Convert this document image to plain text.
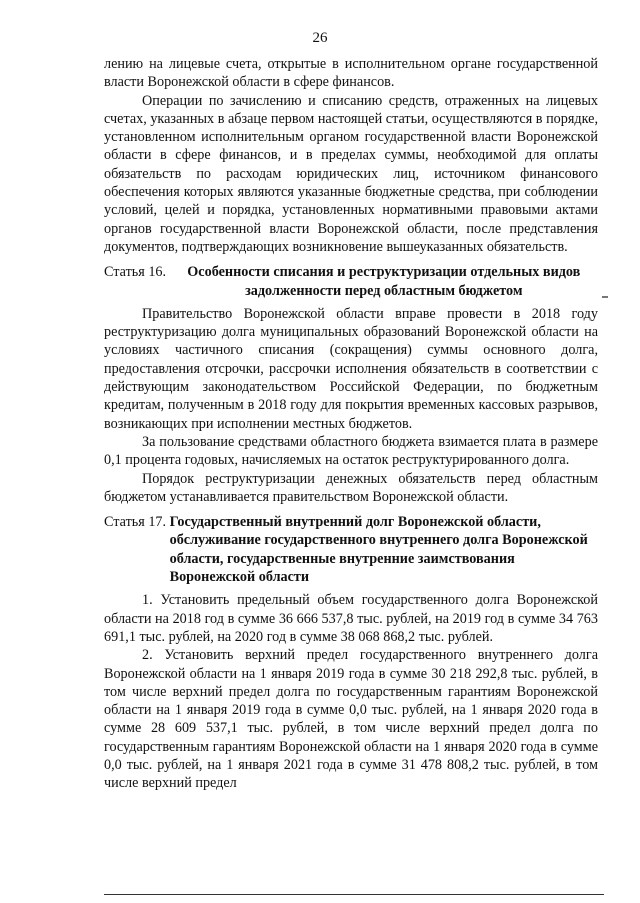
26

лению на лицевые счета, открытые в исполнительном органе государственной власти Воронежской области в сфере финансов.

Операции по зачислению и списанию средств, отраженных на лицевых счетах, указанных в абзаце первом настоящей статьи, осуществляются в порядке, установленном исполнительным органом государственной власти Воронежской области в сфере финансов, и в пределах суммы, необходимой для оплаты обязательств по расходам юридических лиц, источником финансового обеспечения которых являются указанные бюджетные средства, при соблюдении условий, целей и порядка, установленных нормативными правовыми актами органов государственной власти Воронежской области, после представления документов, подтверждающих возникновение вышеуказанных обязательств.

Статья 16.	Особенности списания и реструктуризации отдельных видов задолженности перед областным бюджетом

Правительство Воронежской области вправе провести в 2018 году реструктуризацию долга муниципальных образований Воронежской области на условиях частичного списания (сокращения) суммы основного долга, предоставления отсрочки, рассрочки исполнения обязательств в соответствии с действующим законодательством Российской Федерации, по бюджетным кредитам, полученным в 2018 году для покрытия временных кассовых разрывов, возникающих при исполнении местных бюджетов.

За пользование средствами областного бюджета взимается плата в размере 0,1 процента годовых, начисляемых на остаток реструктурированного долга.

Порядок реструктуризации денежных обязательств перед областным бюджетом устанавливается правительством Воронежской области.

Статья 17. Государственный внутренний долг Воронежской области, обслуживание государственного внутреннего долга Воронежской области, государственные внутренние заимствования Воронежской области

1. Установить предельный объем государственного долга Воронежской области на 2018 год в сумме 36 666 537,8 тыс. рублей, на 2019 год в сумме 34 763 691,1 тыс. рублей, на 2020 год в сумме 38 068 868,2 тыс. рублей.

2. Установить верхний предел государственного внутреннего долга Воронежской области на 1 января 2019 года в сумме 30 218 292,8 тыс. рублей, в том числе верхний предел долга по государственным гарантиям Воронежской области на 1 января 2019 года в сумме 0,0 тыс. рублей, на 1 января 2020 года в сумме 28 609 537,1 тыс. рублей, в том числе верхний предел долга по государственным гарантиям Воронежской области на 1 января 2020 года в сумме 0,0 тыс. рублей, на 1 января 2021 года в сумме 31 478 808,2 тыс. рублей, в том числе верхний предел
